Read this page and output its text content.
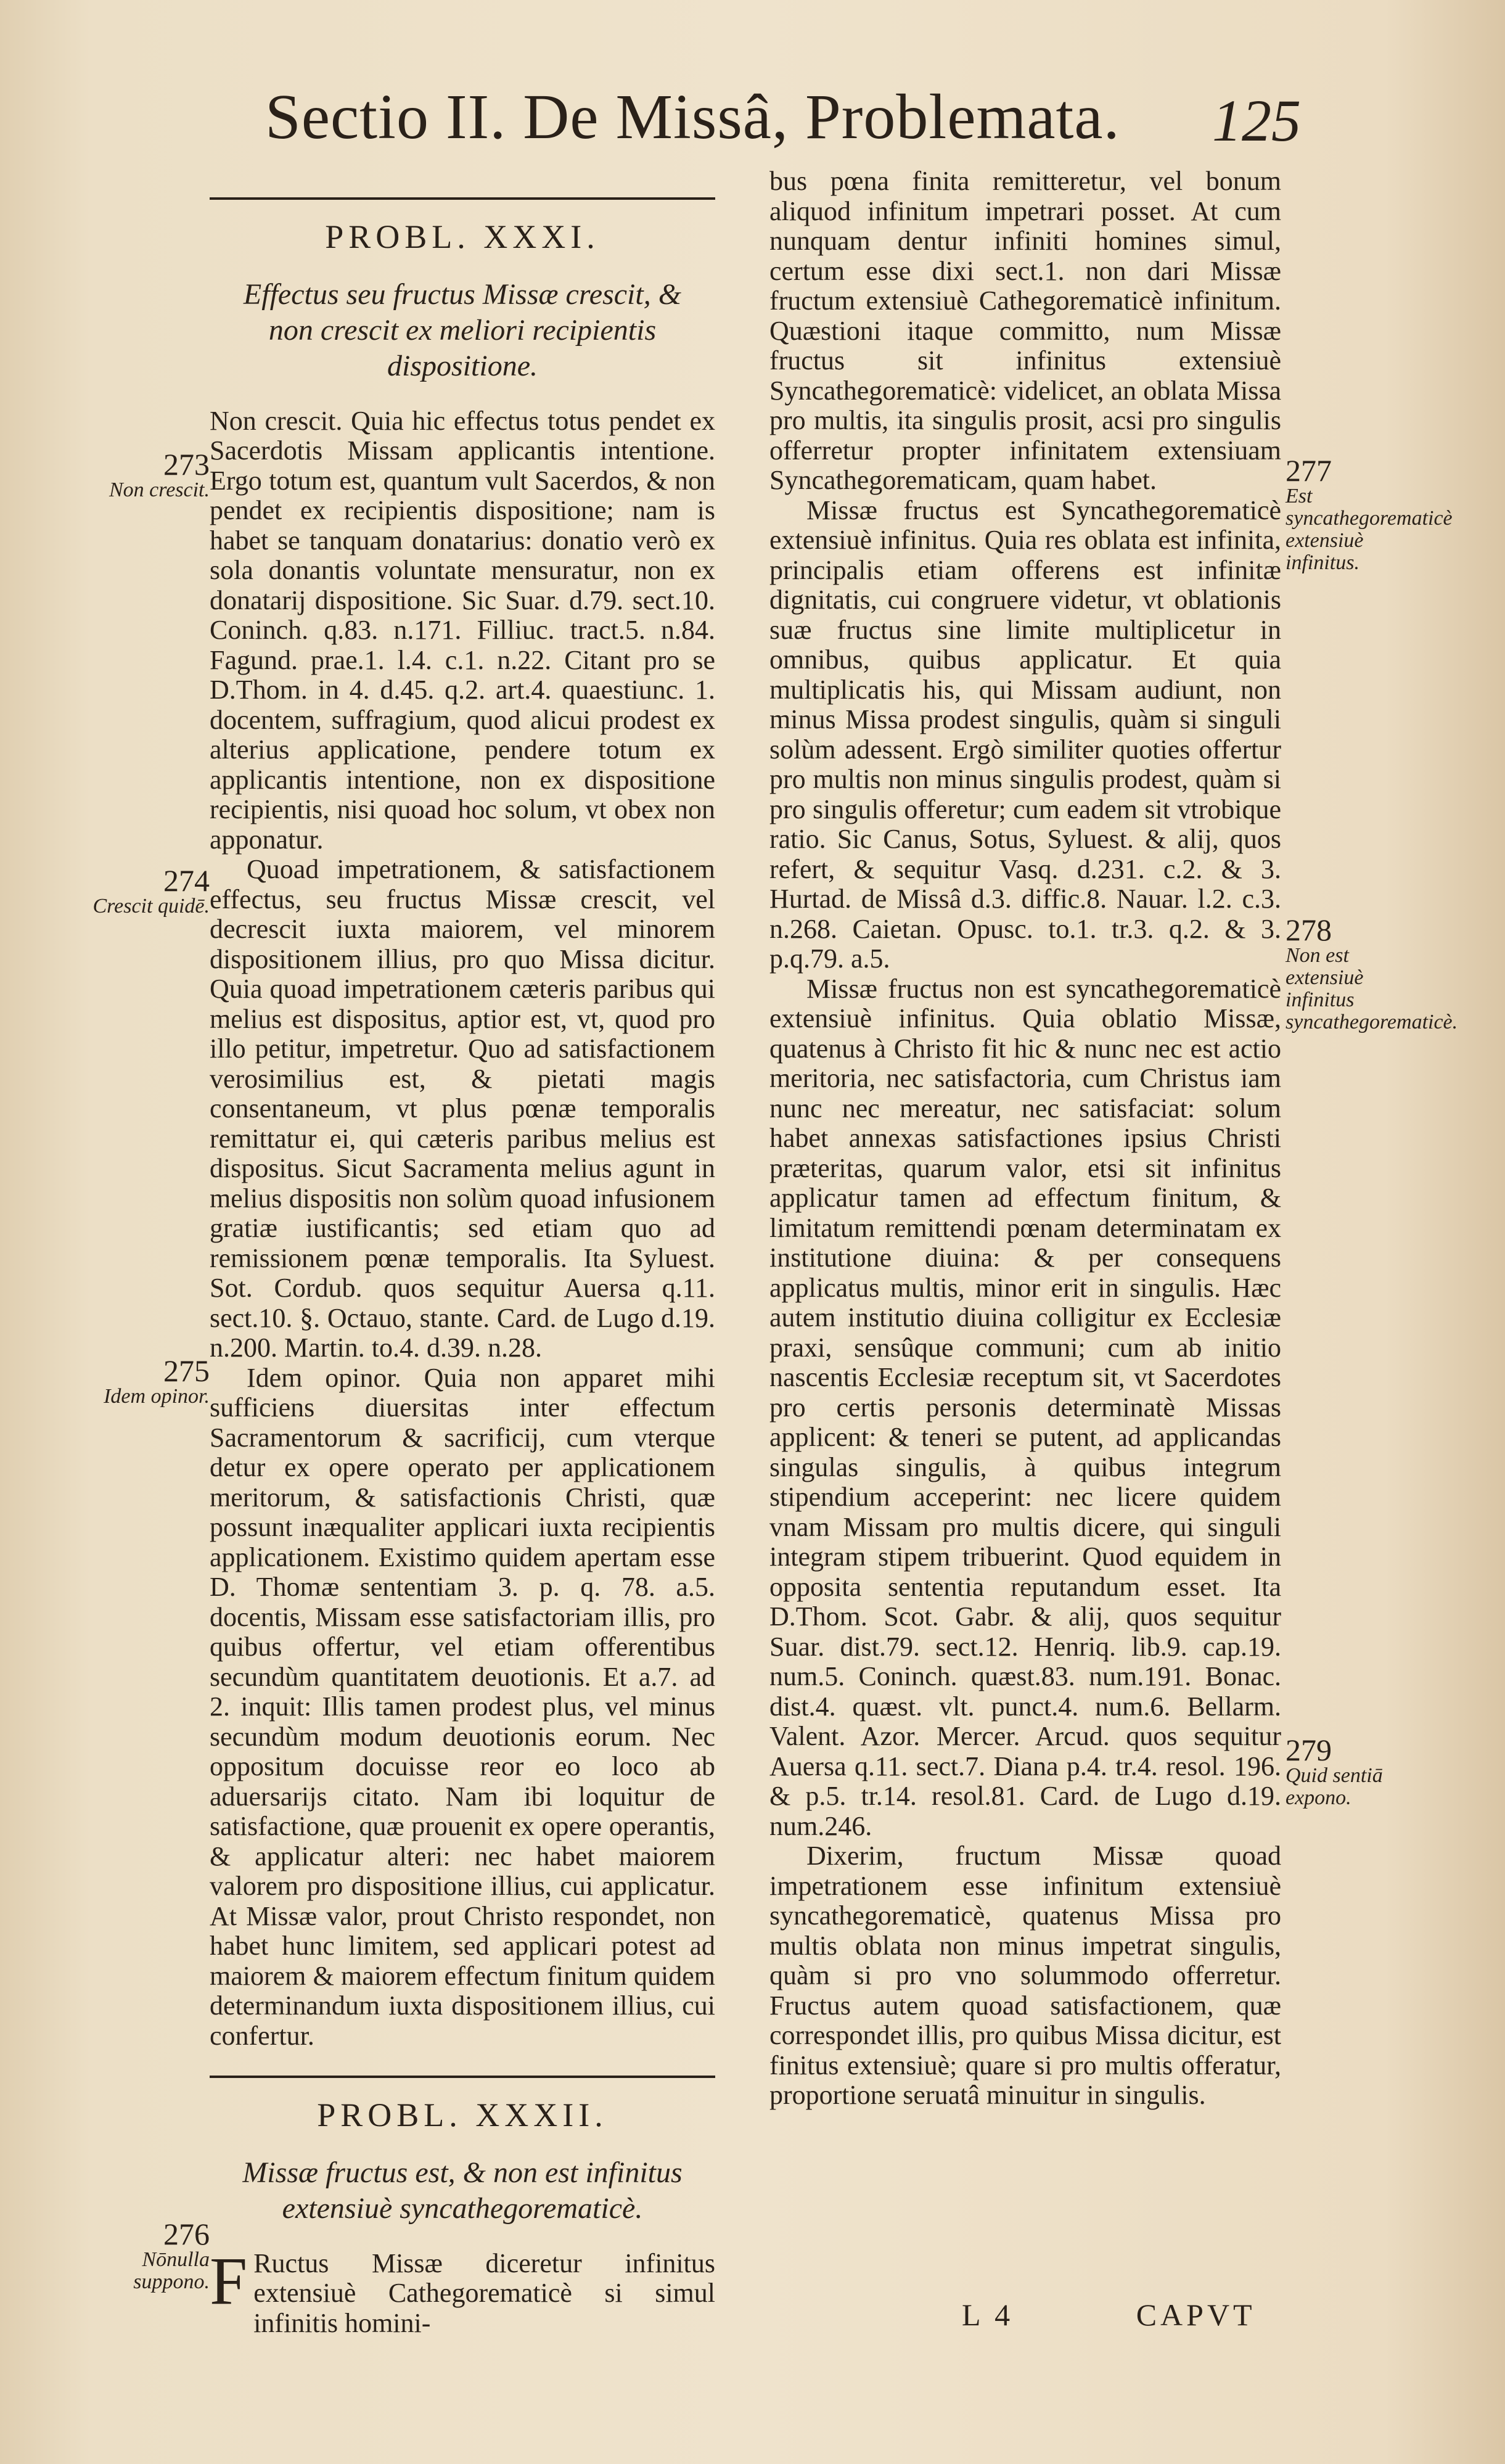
Sectio II. De Missâ, Problemata. 125
PROBL. XXXI.
Effectus seu fructus Missæ crescit, & non crescit ex meliori recipientis dispositione.

Non crescit. Quia hic effectus totus pendet ex Sacerdotis Missam applicantis intentione. Ergo totum est, quantum vult Sacerdos, & non pendet ex recipientis dispositione; nam is habet se tanquam donatarius: donatio verò ex sola donantis voluntate mensuratur, non ex donatarij dispositione. Sic Suar. d.79. sect.10. Coninch. q.83. n.171. Filliuc. tract.5. n.84. Fagund. prae.1. l.4. c.1. n.22. Citant pro se D.Thom. in 4. d.45. q.2. art.4. quaestiunc. 1. docentem, suffragium, quod alicui prodest ex alterius applicatione, pendere totum ex applicantis intentione, non ex dispositione recipientis, nisi quoad hoc solum, vt obex non apponatur.

Quoad impetrationem, & satisfactionem effectus, seu fructus Missæ crescit, vel decrescit iuxta maiorem, vel minorem dispositionem illius, pro quo Missa dicitur. Quia quoad impetrationem cæteris paribus qui melius est dispositus, aptior est, vt, quod pro illo petitur, impetretur. Quo ad satisfactionem verosimilius est, & pietati magis consentaneum, vt plus pœnæ temporalis remittatur ei, qui cæteris paribus melius est dispositus. Sicut Sacramenta melius agunt in melius dispositis non solùm quoad infusionem gratiæ iustificantis; sed etiam quo ad remissionem pœnæ temporalis. Ita Syluest. Sot. Cordub. quos sequitur Auersa q.11. sect.10. §. Octauo, stante. Card. de Lugo d.19. n.200. Martin. to.4. d.39. n.28.

Idem opinor. Quia non apparet mihi sufficiens diuersitas inter effectum Sacramentorum & sacrificij, cum vterque detur ex opere operato per applicationem meritorum, & satisfactionis Christi, quæ possunt inæqualiter applicari iuxta recipientis applicationem. Existimo quidem apertam esse D. Thomæ sententiam 3. p. q. 78. a.5. docentis, Missam esse satisfactoriam illis, pro quibus offertur, vel etiam offerentibus secundùm quantitatem deuotionis. Et a.7. ad 2. inquit: Illis tamen prodest plus, vel minus secundùm modum deuotionis eorum. Nec oppositum docuisse reor eo loco ab aduersarijs citato. Nam ibi loquitur de satisfactione, quæ prouenit ex opere operantis, & applicatur alteri: nec habet maiorem valorem pro dispositione illius, cui applicatur. At Missæ valor, prout Christo respondet, non habet hunc limitem, sed applicari potest ad maiorem & maiorem effectum finitum quidem determinandum iuxta dispositionem illius, cui confertur.

PROBL. XXXII.
Missæ fructus est, & non est infinitus extensiuè syncathegorematicè.

F Ructus Missæ diceretur infinitus extensiuè Cathegorematicè si simul infinitis homini-

bus pœna finita remitteretur, vel bonum aliquod infinitum impetrari posset. At cum nunquam dentur infiniti homines simul, certum esse dixi sect.1. non dari Missæ fructum extensiuè Cathegorematicè infinitum. Quæstioni itaque committo, num Missæ fructus sit infinitus extensiuè Syncathegorematicè: videlicet, an oblata Missa pro multis, ita singulis prosit, acsi pro singulis offerretur propter infinitatem extensiuam Syncathegorematicam, quam habet.

Missæ fructus est Syncathegorematicè extensiuè infinitus. Quia res oblata est infinita, principalis etiam offerens est infinitæ dignitatis, cui congruere videtur, vt oblationis suæ fructus sine limite multiplicetur in omnibus, quibus applicatur. Et quia multiplicatis his, qui Missam audiunt, non minus Missa prodest singulis, quàm si singuli solùm adessent. Ergò similiter quoties offertur pro multis non minus singulis prodest, quàm si pro singulis offeretur; cum eadem sit vtrobique ratio. Sic Canus, Sotus, Syluest. & alij, quos refert, & sequitur Vasq. d.231. c.2. & 3. Hurtad. de Missâ d.3. diffic.8. Nauar. l.2. c.3. n.268. Caietan. Opusc. to.1. tr.3. q.2. & 3. p.q.79. a.5.

Missæ fructus non est syncathegorematicè extensiuè infinitus. Quia oblatio Missæ, quatenus à Christo fit hic & nunc nec est actio meritoria, nec satisfactoria, cum Christus iam nunc nec mereatur, nec satisfaciat: solum habet annexas satisfactiones ipsius Christi præteritas, quarum valor, etsi sit infinitus applicatur tamen ad effectum finitum, & limitatum remittendi pœnam determinatam ex institutione diuina: & per consequens applicatus multis, minor erit in singulis. Hæc autem institutio diuina colligitur ex Ecclesiæ praxi, sensûque communi; cum ab initio nascentis Ecclesiæ receptum sit, vt Sacerdotes pro certis personis determinatè Missas applicent: & teneri se putent, ad applicandas singulas singulis, à quibus integrum stipendium acceperint: nec licere quidem vnam Missam pro multis dicere, qui singuli integram stipem tribuerint. Quod equidem in opposita sententia reputandum esset. Ita D.Thom. Scot. Gabr. & alij, quos sequitur Suar. dist.79. sect.12. Henriq. lib.9. cap.19. num.5. Coninch. quæst.83. num.191. Bonac. dist.4. quæst. vlt. punct.4. num.6. Bellarm. Valent. Azor. Mercer. Arcud. quos sequitur Auersa q.11. sect.7. Diana p.4. tr.4. resol. 196. & p.5. tr.14. resol.81. Card. de Lugo d.19. num.246.

Dixerim, fructum Missæ quoad impetrationem esse infinitum extensiuè syncathegorematicè, quatenus Missa pro multis oblata non minus impetrat singulis, quàm si pro vno solummodo offerretur. Fructus autem quoad satisfactionem, quæ correspondet illis, pro quibus Missa dicitur, est finitus extensiuè; quare si pro multis offeratur, proportione seruatâ minuitur in singulis.

273
Non crescit.
274
Crescit quidē.
275
Idem opinor.
276
Nōnulla suppono.
277
Est syncathegorematicè extensiuè infinitus.
278
Non est extensiuè infinitus syncathegorematicè.
279
Quid sentiā expono.
L 4	CAPVT
